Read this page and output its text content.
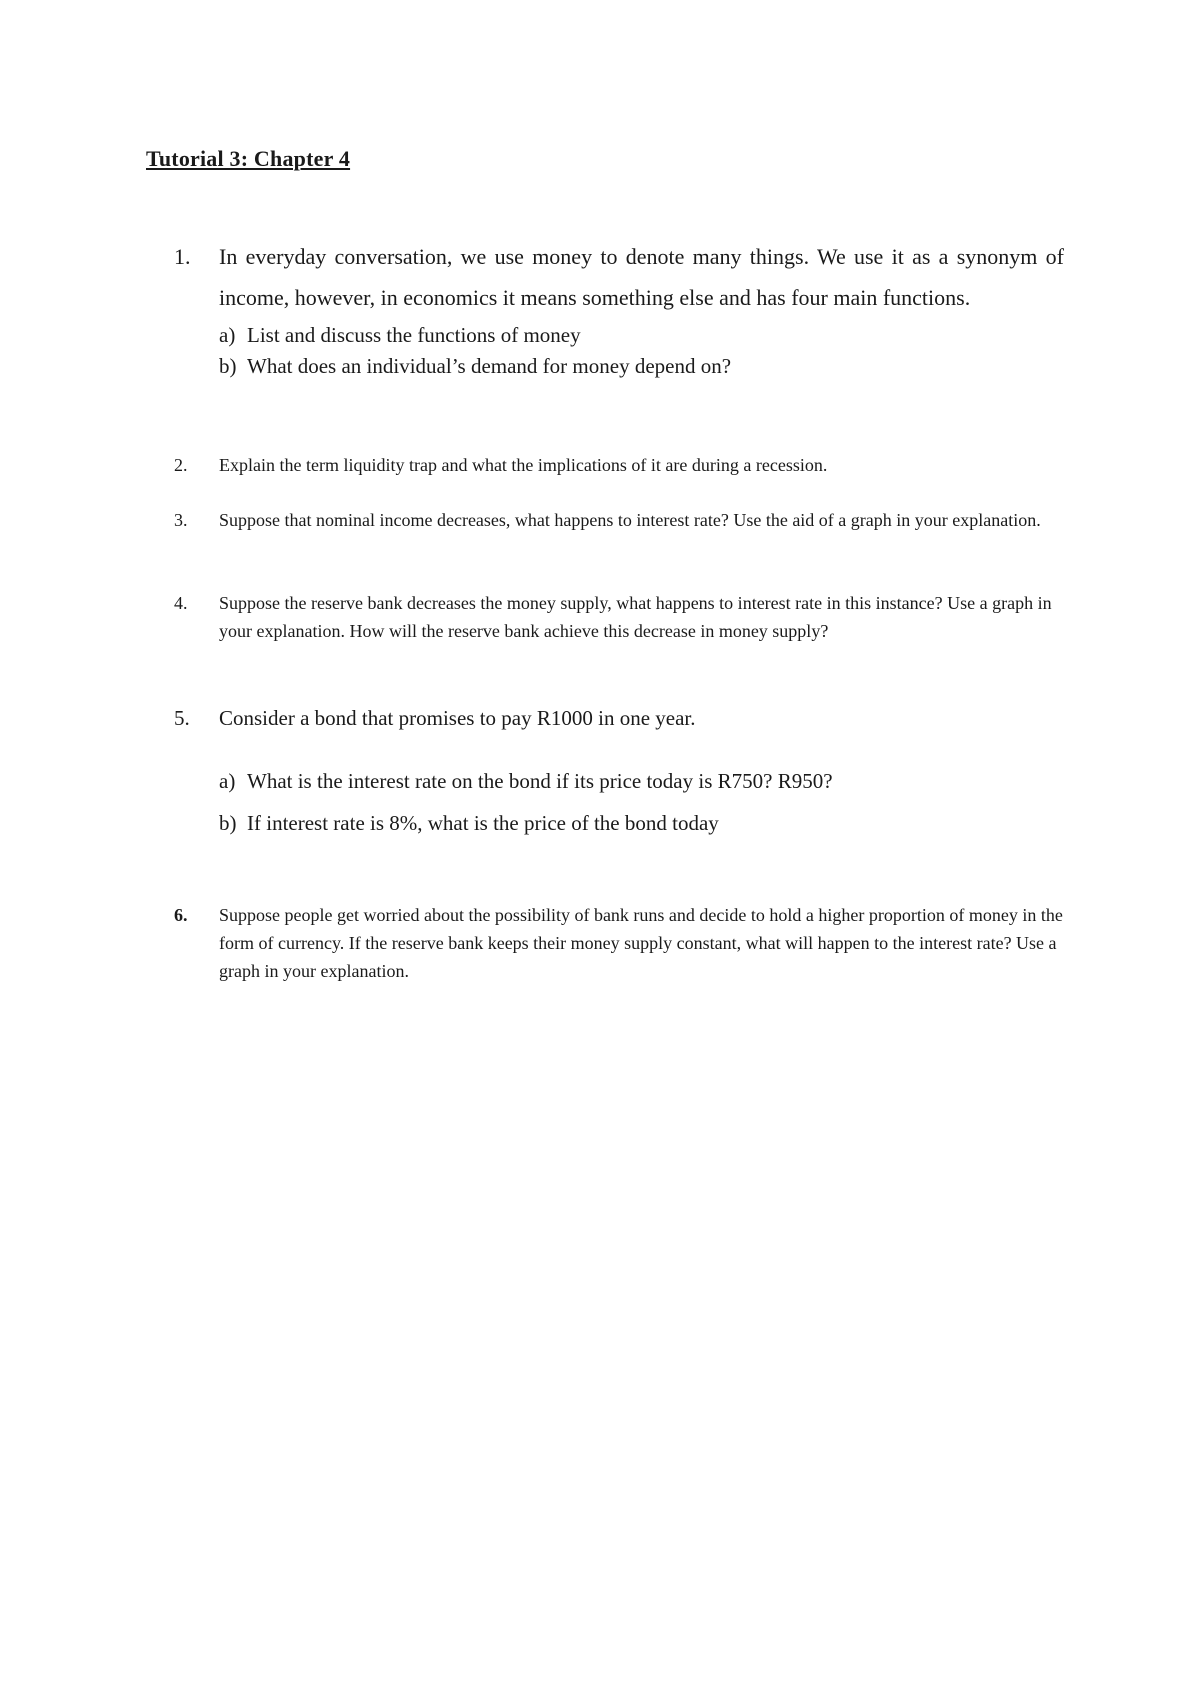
Tutorial 3: Chapter 4
1.	In everyday conversation, we use money to denote many things. We use it as a synonym of income, however, in economics it means something else and has four main functions.
a) List and discuss the functions of money
b) What does an individual’s demand for money depend on?
2.	Explain the term liquidity trap and what the implications of it are during a recession.
3.	Suppose that nominal income decreases, what happens to interest rate? Use the aid of a graph in your explanation.
4.	Suppose the reserve bank decreases the money supply, what happens to interest rate in this instance? Use a graph in your explanation. How will the reserve bank achieve this decrease in money supply?
5.	Consider a bond that promises to pay R1000 in one year.
a) What is the interest rate on the bond if its price today is R750? R950?
b) If interest rate is 8%, what is the price of the bond today
6.	Suppose people get worried about the possibility of bank runs and decide to hold a higher proportion of money in the form of currency. If the reserve bank keeps their money supply constant, what will happen to the interest rate? Use a graph in your explanation.
